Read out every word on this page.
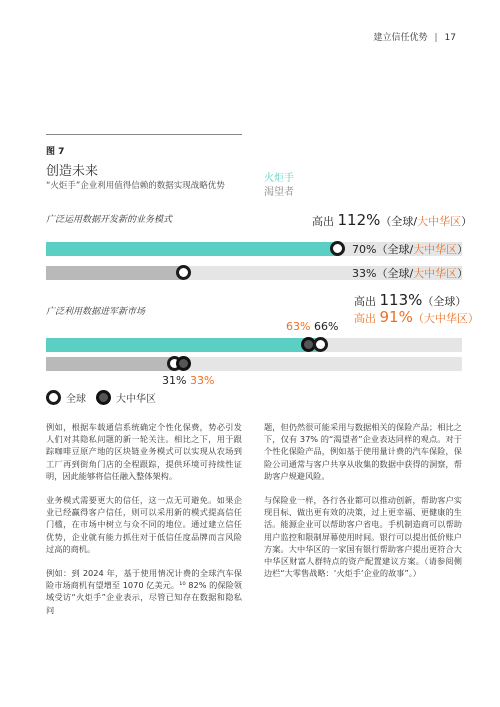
建立信任优势 | 17
图 7
创造未来
“火炬手”企业利用值得信赖的数据实现战略优势
火炬手
渴望者
广泛运用数据开发新的业务模式	高出 112%（全球/大中华区）
70%（全球/大中华区）
33%（全球/大中华区）
广泛利用数据进军新市场
高出 113%（全球）
高出 91%（大中华区）
63% 66%
31% 33%
全球	大中华区

例如，根据车载通信系统确定个性化保费，势必引发人们对其隐私问题的新一轮关注。相比之下，用于跟踪咖啡豆原产地的区块链业务模式可以实现从农场到工厂再到街角门店的全程跟踪，提供环境可持续性证明，因此能够将信任融入整体架构。

业务模式需要更大的信任，这一点无可避免。如果企业已经赢得客户信任，则可以采用新的模式提高信任门槛，在市场中树立与众不同的地位。通过建立信任优势，企业就有能力抓住对于低信任度品牌而言风险过高的商机。

例如：到 2024 年，基于使用情况计费的全球汽车保险市场商机有望增至 1070 亿美元。¹⁰ 82% 的保险领域受访“火炬手”企业表示，尽管已知存在数据和隐私问

题，但仍然很可能采用与数据相关的保险产品；相比之下，仅有 37% 的“渴望者”企业表达同样的观点。对于个性化保险产品，例如基于使用量计费的汽车保险，保险公司通常与客户共享从收集的数据中获得的洞察，帮助客户规避风险。

与保险业一样，各行各业都可以推动创新，帮助客户实现目标、做出更有效的决策，过上更幸福、更健康的生活。能源企业可以帮助客户省电。手机制造商可以帮助用户监控和限制屏幕使用时间。银行可以提出低价账户方案。大中华区的一家国有银行帮助客户提出更符合大中华区财富人群特点的资产配置建议方案。（请参阅侧边栏“大零售战略：‘火炬手’企业的故事”。）
